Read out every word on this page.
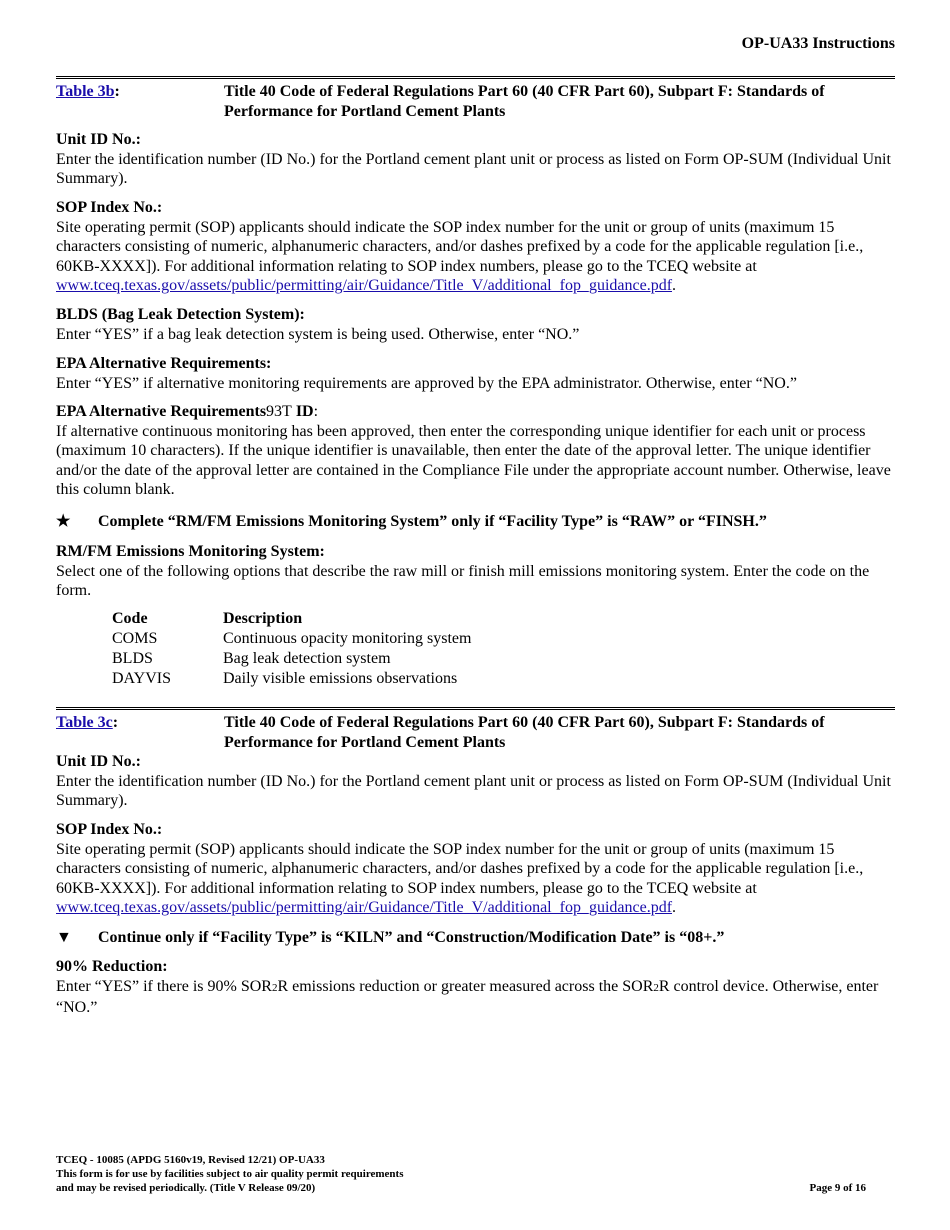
OP-UA33 Instructions
Table 3b:	Title 40 Code of Federal Regulations Part 60 (40 CFR Part 60), Subpart F: Standards of Performance for Portland Cement Plants

Unit ID No.:

Enter the identification number (ID No.) for the Portland cement plant unit or process as listed on Form OP-SUM (Individual Unit Summary).

SOP Index No.:

Site operating permit (SOP) applicants should indicate the SOP index number for the unit or group of units (maximum 15 characters consisting of numeric, alphanumeric characters, and/or dashes prefixed by a code for the applicable regulation [i.e., 60KB-XXXX]). For additional information relating to SOP index numbers, please go to the TCEQ website at www.tceq.texas.gov/assets/public/permitting/air/Guidance/Title_V/additional_fop_guidance.pdf.

BLDS (Bag Leak Detection System):

Enter “YES” if a bag leak detection system is being used. Otherwise, enter “NO.”

EPA Alternative Requirements:

Enter “YES” if alternative monitoring requirements are approved by the EPA administrator. Otherwise, enter “NO.”

EPA Alternative Requirements93T ID:

If alternative continuous monitoring has been approved, then enter the corresponding unique identifier for each unit or process (maximum 10 characters). If the unique identifier is unavailable, then enter the date of the approval letter. The unique identifier and/or the date of the approval letter are contained in the Compliance File under the appropriate account number. Otherwise, leave this column blank.

★ Complete “RM/FM Emissions Monitoring System” only if “Facility Type” is “RAW” or “FINSH.”

RM/FM Emissions Monitoring System:

Select one of the following options that describe the raw mill or finish mill emissions monitoring system. Enter the code on the form.

Code	Description
COMS	Continuous opacity monitoring system
BLDS	Bag leak detection system
DAYVIS	Daily visible emissions observations
Table 3c:	Title 40 Code of Federal Regulations Part 60 (40 CFR Part 60), Subpart F: Standards of Performance for Portland Cement Plants

Unit ID No.:

Enter the identification number (ID No.) for the Portland cement plant unit or process as listed on Form OP-SUM (Individual Unit Summary).

SOP Index No.:

Site operating permit (SOP) applicants should indicate the SOP index number for the unit or group of units (maximum 15 characters consisting of numeric, alphanumeric characters, and/or dashes prefixed by a code for the applicable regulation [i.e., 60KB-XXXX]). For additional information relating to SOP index numbers, please go to the TCEQ website at www.tceq.texas.gov/assets/public/permitting/air/Guidance/Title_V/additional_fop_guidance.pdf.

▼ Continue only if “Facility Type” is “KILN” and “Construction/Modification Date” is “08+.”

90% Reduction:

Enter “YES” if there is 90% SOR2R emissions reduction or greater measured across the SOR2R control device. Otherwise, enter “NO.”

TCEQ - 10085 (APDG 5160v19, Revised 12/21) OP-UA33
This form is for use by facilities subject to air quality permit requirements
and may be revised periodically. (Title V Release 09/20)	Page 9 of 16
